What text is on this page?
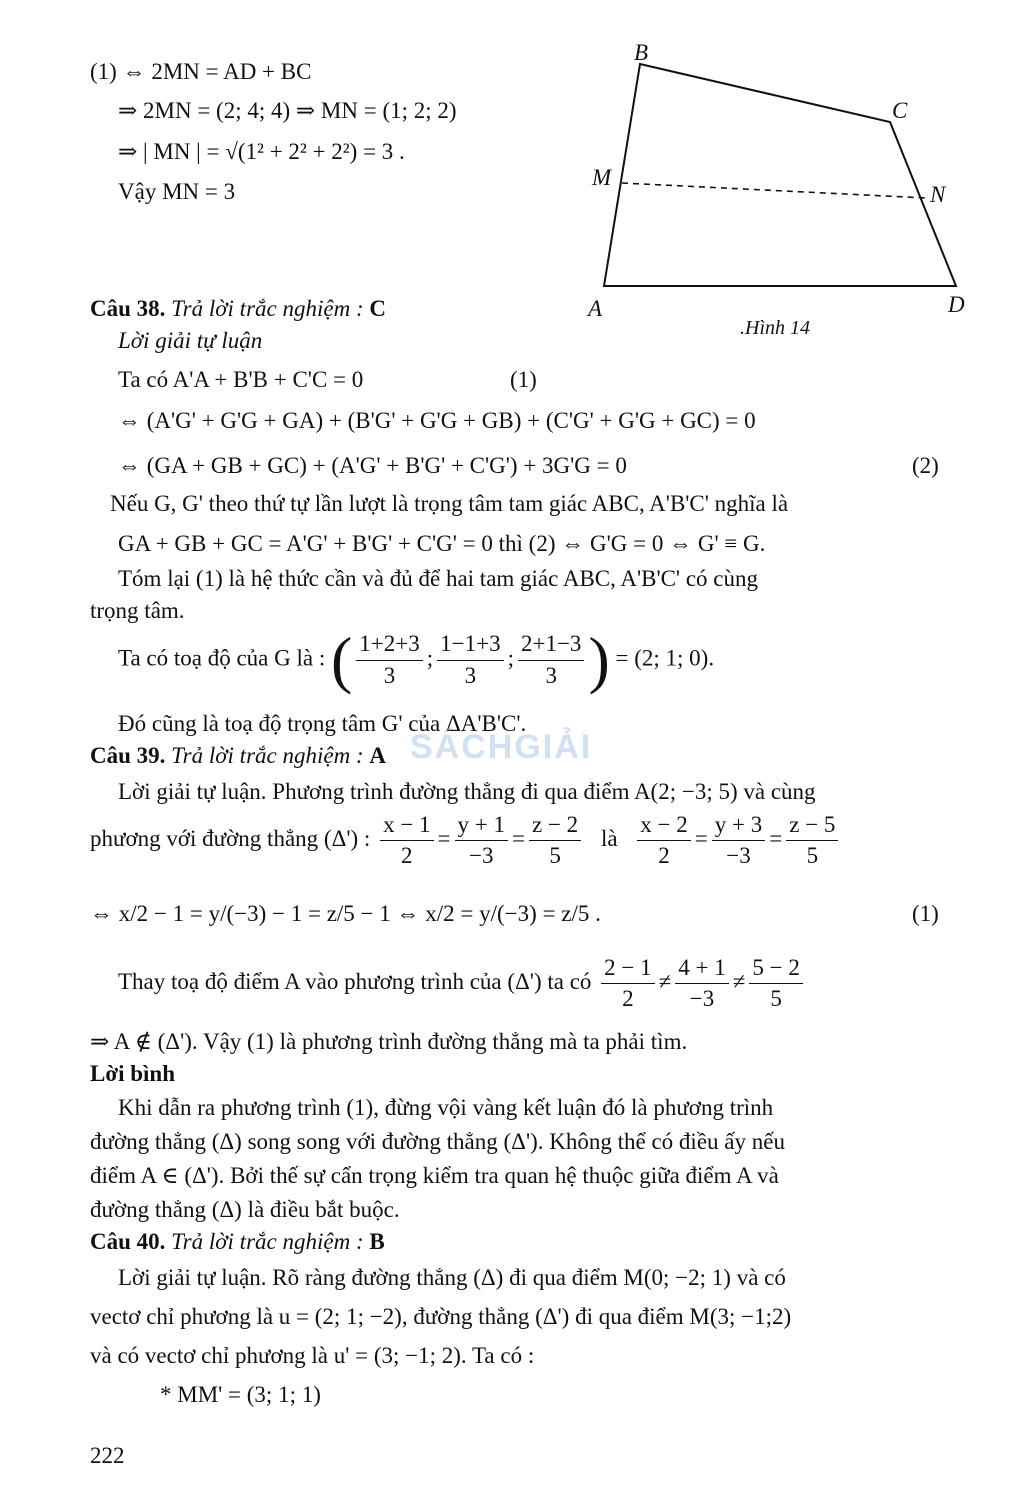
(1) ⇔ 2MN = AD + BC
⇒ 2MN = (2; 4; 4) ⇒ MN = (1; 2; 2)
⇒ | MN | = √(1² + 2² + 2²) = 3 .
Vậy MN = 3
B
C
M
N
A	D
.Hình 14
Câu 38. Trả lời trắc nghiệm : C
Lời giải tự luận
Ta có A'A + B'B + C'C = 0	(1)
⇔ (A'G' + G'G + GA) + (B'G' + G'G + GB) + (C'G' + G'G + GC) = 0
⇔ (GA + GB + GC) + (A'G' + B'G' + C'G') + 3G'G = 0	(2)
Nếu G, G' theo thứ tự lần lượt là trọng tâm tam giác ABC, A'B'C' nghĩa là
GA + GB + GC = A'G' + B'G' + C'G' = 0 thì (2) ⇔ G'G = 0 ⇔ G' ≡ G.
Tóm lại (1) là hệ thức cần và đủ để hai tam giác ABC, A'B'C' có cùng
trọng tâm.
Ta có toạ độ của G là : ( $\frac{1+2+3}{3}$ ; $\frac{1-1+3}{3}$ ; $\frac{2+1-3}{3}$ ) = (2; 1; 0).
Đó cũng là toạ độ trọng tâm G' của ΔA'B'C'.
SÁCHGIẢI
Câu 39. Trả lời trắc nghiệm : A
Lời giải tự luận. Phương trình đường thẳng đi qua điểm A(2; −3; 5) và cùng
phương với đường thẳng (Δ') : $\frac{x - 1}{2} = \frac{y + 1}{-3} = \frac{z - 2}{5}$ là $\frac{x - 2}{2} = \frac{y + 3}{-3} = \frac{z - 5}{5}$
⇔ x/2 − 1 = y/(−3) − 1 = z/5 − 1 ⇔ x/2 = y/(−3) = z/5 .	(1)
Thay toạ độ điểm A vào phương trình của (Δ') ta có $\frac{2 - 1}{2} \ne \frac{4 + 1}{-3} \ne \frac{5 - 2}{5}$
⇒ A ∉ (Δ'). Vậy (1) là phương trình đường thẳng mà ta phải tìm.
Lời bình
Khi dẫn ra phương trình (1), đừng vội vàng kết luận đó là phương trình
đường thẳng (Δ) song song với đường thẳng (Δ'). Không thể có điều ấy nếu
điểm A ∈ (Δ'). Bởi thế sự cẩn trọng kiểm tra quan hệ thuộc giữa điểm A và
đường thẳng (Δ) là điều bắt buộc.
Câu 40. Trả lời trắc nghiệm : B
Lời giải tự luận. Rõ ràng đường thẳng (Δ) đi qua điểm M(0; −2; 1) và có
vectơ chỉ phương là u = (2; 1; −2), đường thẳng (Δ') đi qua điểm M(3; −1;2)
và có vectơ chỉ phương là u' = (3; −1; 2). Ta có :
* MM' = (3; 1; 1)
222
